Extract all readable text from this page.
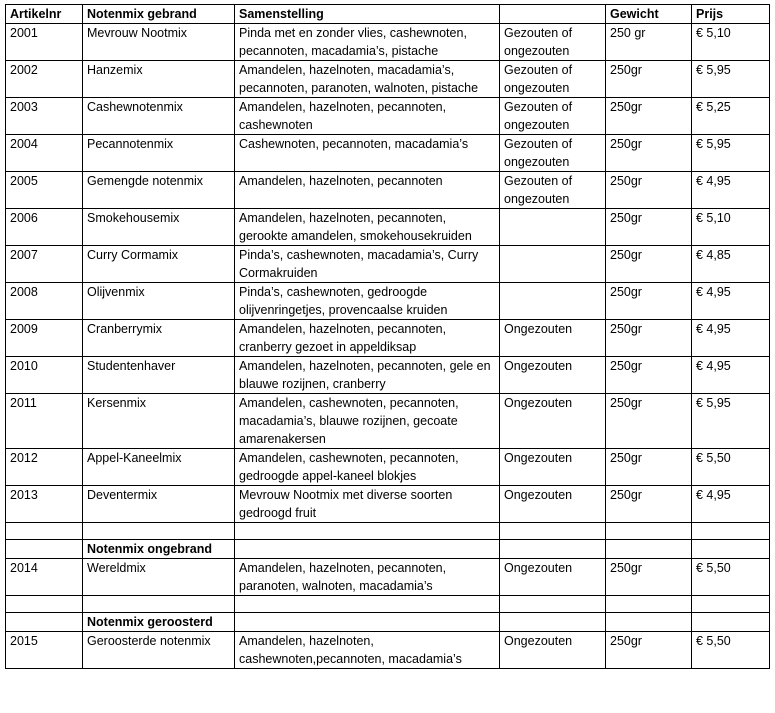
Artikelnr	Notenmix gebrand	Samenstelling		Gewicht	Prijs
2001	Mevrouw Nootmix	Pinda met en zonder vlies, cashewnoten, pecannoten, macadamia’s, pistache	Gezouten of ongezouten	250 gr	€ 5,10
2002	Hanzemix	Amandelen, hazelnoten, macadamia’s, pecannoten, paranoten, walnoten, pistache	Gezouten of ongezouten	250gr	€ 5,95
2003	Cashewnotenmix	Amandelen, hazelnoten, pecannoten, cashewnoten	Gezouten of ongezouten	250gr	€ 5,25
2004	Pecannotenmix	Cashewnoten, pecannoten, macadamia’s	Gezouten of ongezouten	250gr	€ 5,95
2005	Gemengde notenmix	Amandelen, hazelnoten, pecannoten	Gezouten of ongezouten	250gr	€ 4,95
2006	Smokehousemix	Amandelen, hazelnoten, pecannoten, gerookte amandelen, smokehousekruiden		250gr	€ 5,10
2007	Curry Cormamix	Pinda’s, cashewnoten, macadamia’s, Curry Cormakruiden		250gr	€ 4,85
2008	Olijvenmix	Pinda’s, cashewnoten, gedroogde olijvenringetjes, provencaalse kruiden		250gr	€ 4,95
2009	Cranberrymix	Amandelen, hazelnoten, pecannoten, cranberry gezoet in appeldiksap	Ongezouten	250gr	€ 4,95
2010	Studentenhaver	Amandelen, hazelnoten, pecannoten, gele en blauwe rozijnen, cranberry	Ongezouten	250gr	€ 4,95
2011	Kersenmix	Amandelen, cashewnoten, pecannoten, macadamia’s, blauwe rozijnen, gecoate amarenakersen	Ongezouten	250gr	€ 5,95
2012	Appel-Kaneelmix	Amandelen, cashewnoten, pecannoten, gedroogde appel-kaneel blokjes	Ongezouten	250gr	€ 5,50
2013	Deventermix	Mevrouw Nootmix met diverse soorten gedroogd fruit	Ongezouten	250gr	€ 4,95

	Notenmix ongebrand				
2014	Wereldmix	Amandelen, hazelnoten, pecannoten, paranoten, walnoten, macadamia’s	Ongezouten	250gr	€ 5,50

	Notenmix geroosterd				
2015	Geroosterde notenmix	Amandelen, hazelnoten, cashewnoten,pecannoten, macadamia’s	Ongezouten	250gr	€ 5,50
